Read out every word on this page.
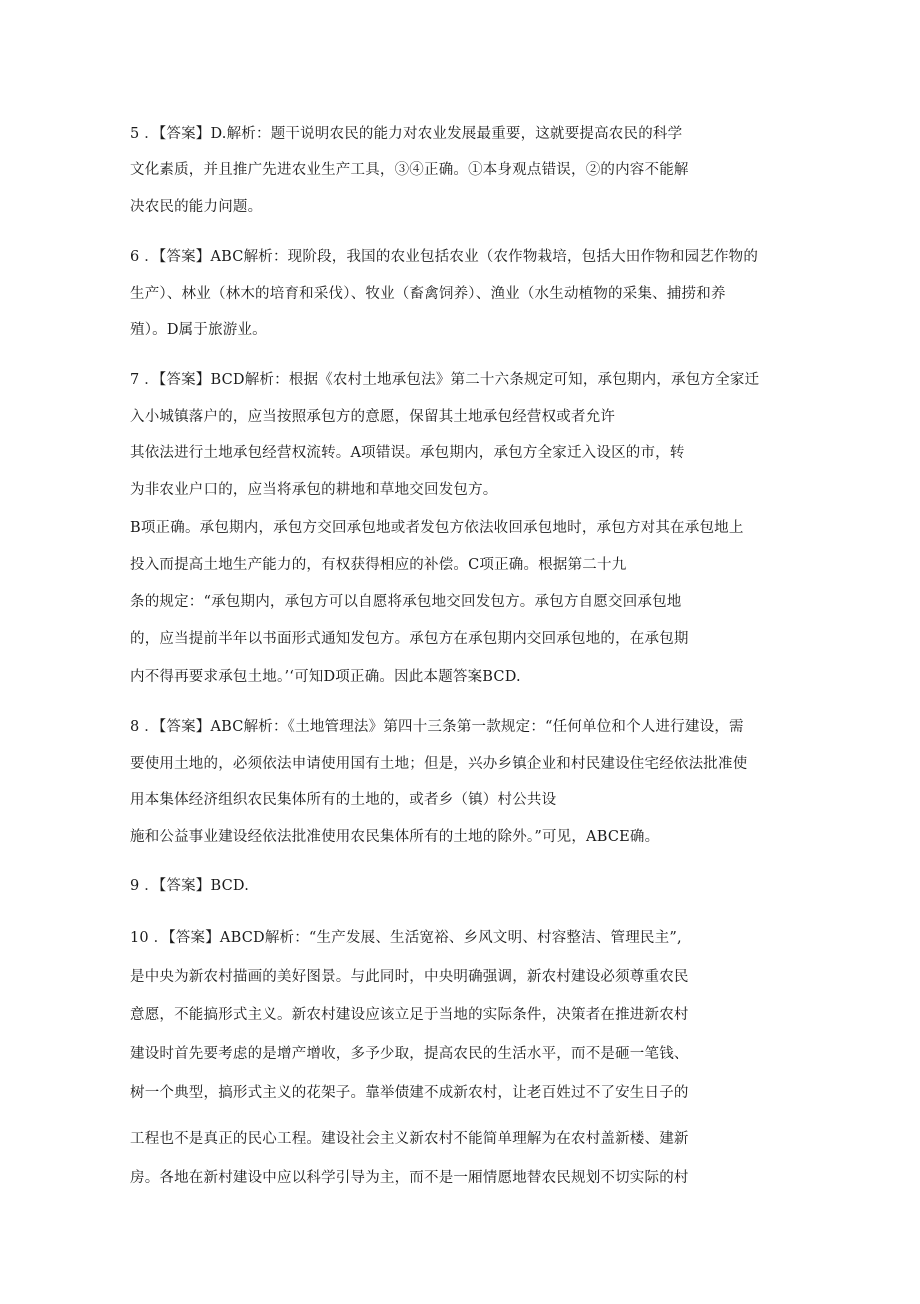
5 ．【答案】D.解析：题干说明农民的能力对农业发展最重要，这就要提高农民的科学

文化素质，并且推广先进农业生产工具，③④正确。①本身观点错误，②的内容不能解

决农民的能力问题。

6 ．【答案】ABC解析：现阶段，我国的农业包括农业（农作物栽培，包括大田作物和园艺作物的

生产）、林业（林木的培育和采伐）、牧业（畜禽饲养）、渔业（水生动植物的采集、捕捞和养

殖）。D属于旅游业。

7 ．【答案】BCD解析：根据《农村土地承包法》第二十六条规定可知，承包期内，承包方全家迁

入小城镇落户的，应当按照承包方的意愿，保留其土地承包经营权或者允许

其依法进行土地承包经营权流转。A项错误。承包期内，承包方全家迁入设区的市，转

为非农业户口的，应当将承包的耕地和草地交回发包方。

B项正确。承包期内，承包方交回承包地或者发包方依法收回承包地时，承包方对其在承包地上

投入而提高土地生产能力的，有权获得相应的补偿。C项正确。根据第二十九

条的规定：“承包期内，承包方可以自愿将承包地交回发包方。承包方自愿交回承包地

的，应当提前半年以书面形式通知发包方。承包方在承包期内交回承包地的，在承包期

内不得再要求承包土地。’‘可知D项正确。因此本题答案BCD.

8 ．【答案】ABC解析：《土地管理法》第四十三条第一款规定：“任何单位和个人进行建设，需

要使用土地的，必须依法申请使用国有土地；但是，兴办乡镇企业和村民建设住宅经依法批准使

用本集体经济组织农民集体所有的土地的，或者乡（镇）村公共设

施和公益事业建设经依法批准使用农民集体所有的土地的除外。”可见，ABCE确。

9 ．【答案】BCD.

10 ．【答案】ABCD解析：“生产发展、生活宽裕、乡风文明、村容整洁、管理民主”,

是中央为新农村描画的美好图景。与此同时，中央明确强调，新农村建设必须尊重农民

意愿，不能搞形式主义。新农村建设应该立足于当地的实际条件，决策者在推进新农村

建设时首先要考虑的是增产增收，多予少取，提高农民的生活水平，而不是砸一笔钱、

树一个典型，搞形式主义的花架子。靠举债建不成新农村，让老百姓过不了安生日子的

工程也不是真正的民心工程。建设社会主义新农村不能简单理解为在农村盖新楼、建新

房。各地在新村建设中应以科学引导为主，而不是一厢情愿地替农民规划不切实际的村
